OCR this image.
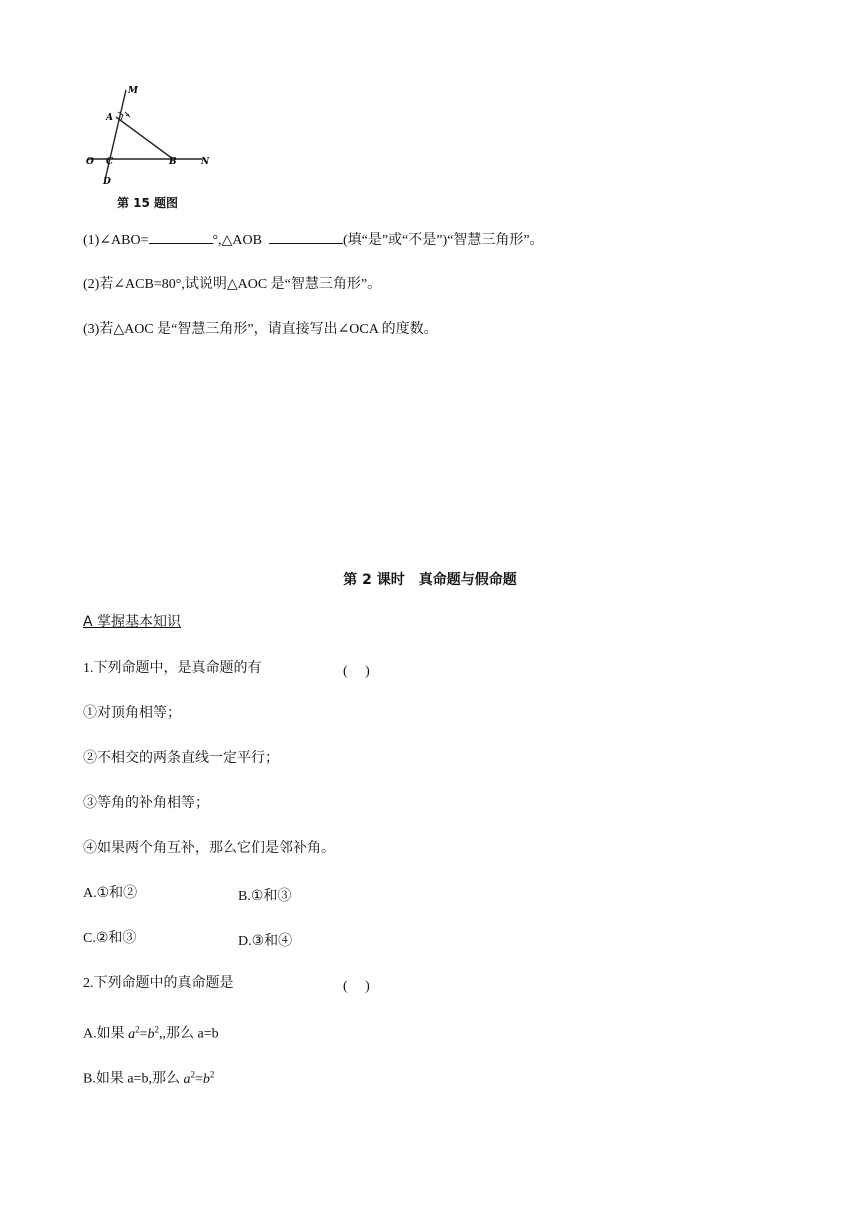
M
A
O C	B	N
D
第 15 题图
(1)∠ABO=	°,△AOB	(填“是”或“不是”)“智慧三角形”。
(2)若∠ACB=80°,试说明△AOC 是“智慧三角形”。
(3)若△AOC 是“智慧三角形”，请直接写出∠OCA 的度数。
第 2 课时　真命题与假命题
A 掌握基本知识
1.下列命题中，是真命题的有	(　 )
①对顶角相等；
②不相交的两条直线一定平行；
③等角的补角相等；
④如果两个角互补，那么它们是邻补角。
A.①和②	B.①和③
C.②和③	D.③和④
2.下列命题中的真命题是	(　 )
A.如果 $a^2=b^2$,,那么 a=b
B.如果 a=b,那么 $a^2=b^2$
